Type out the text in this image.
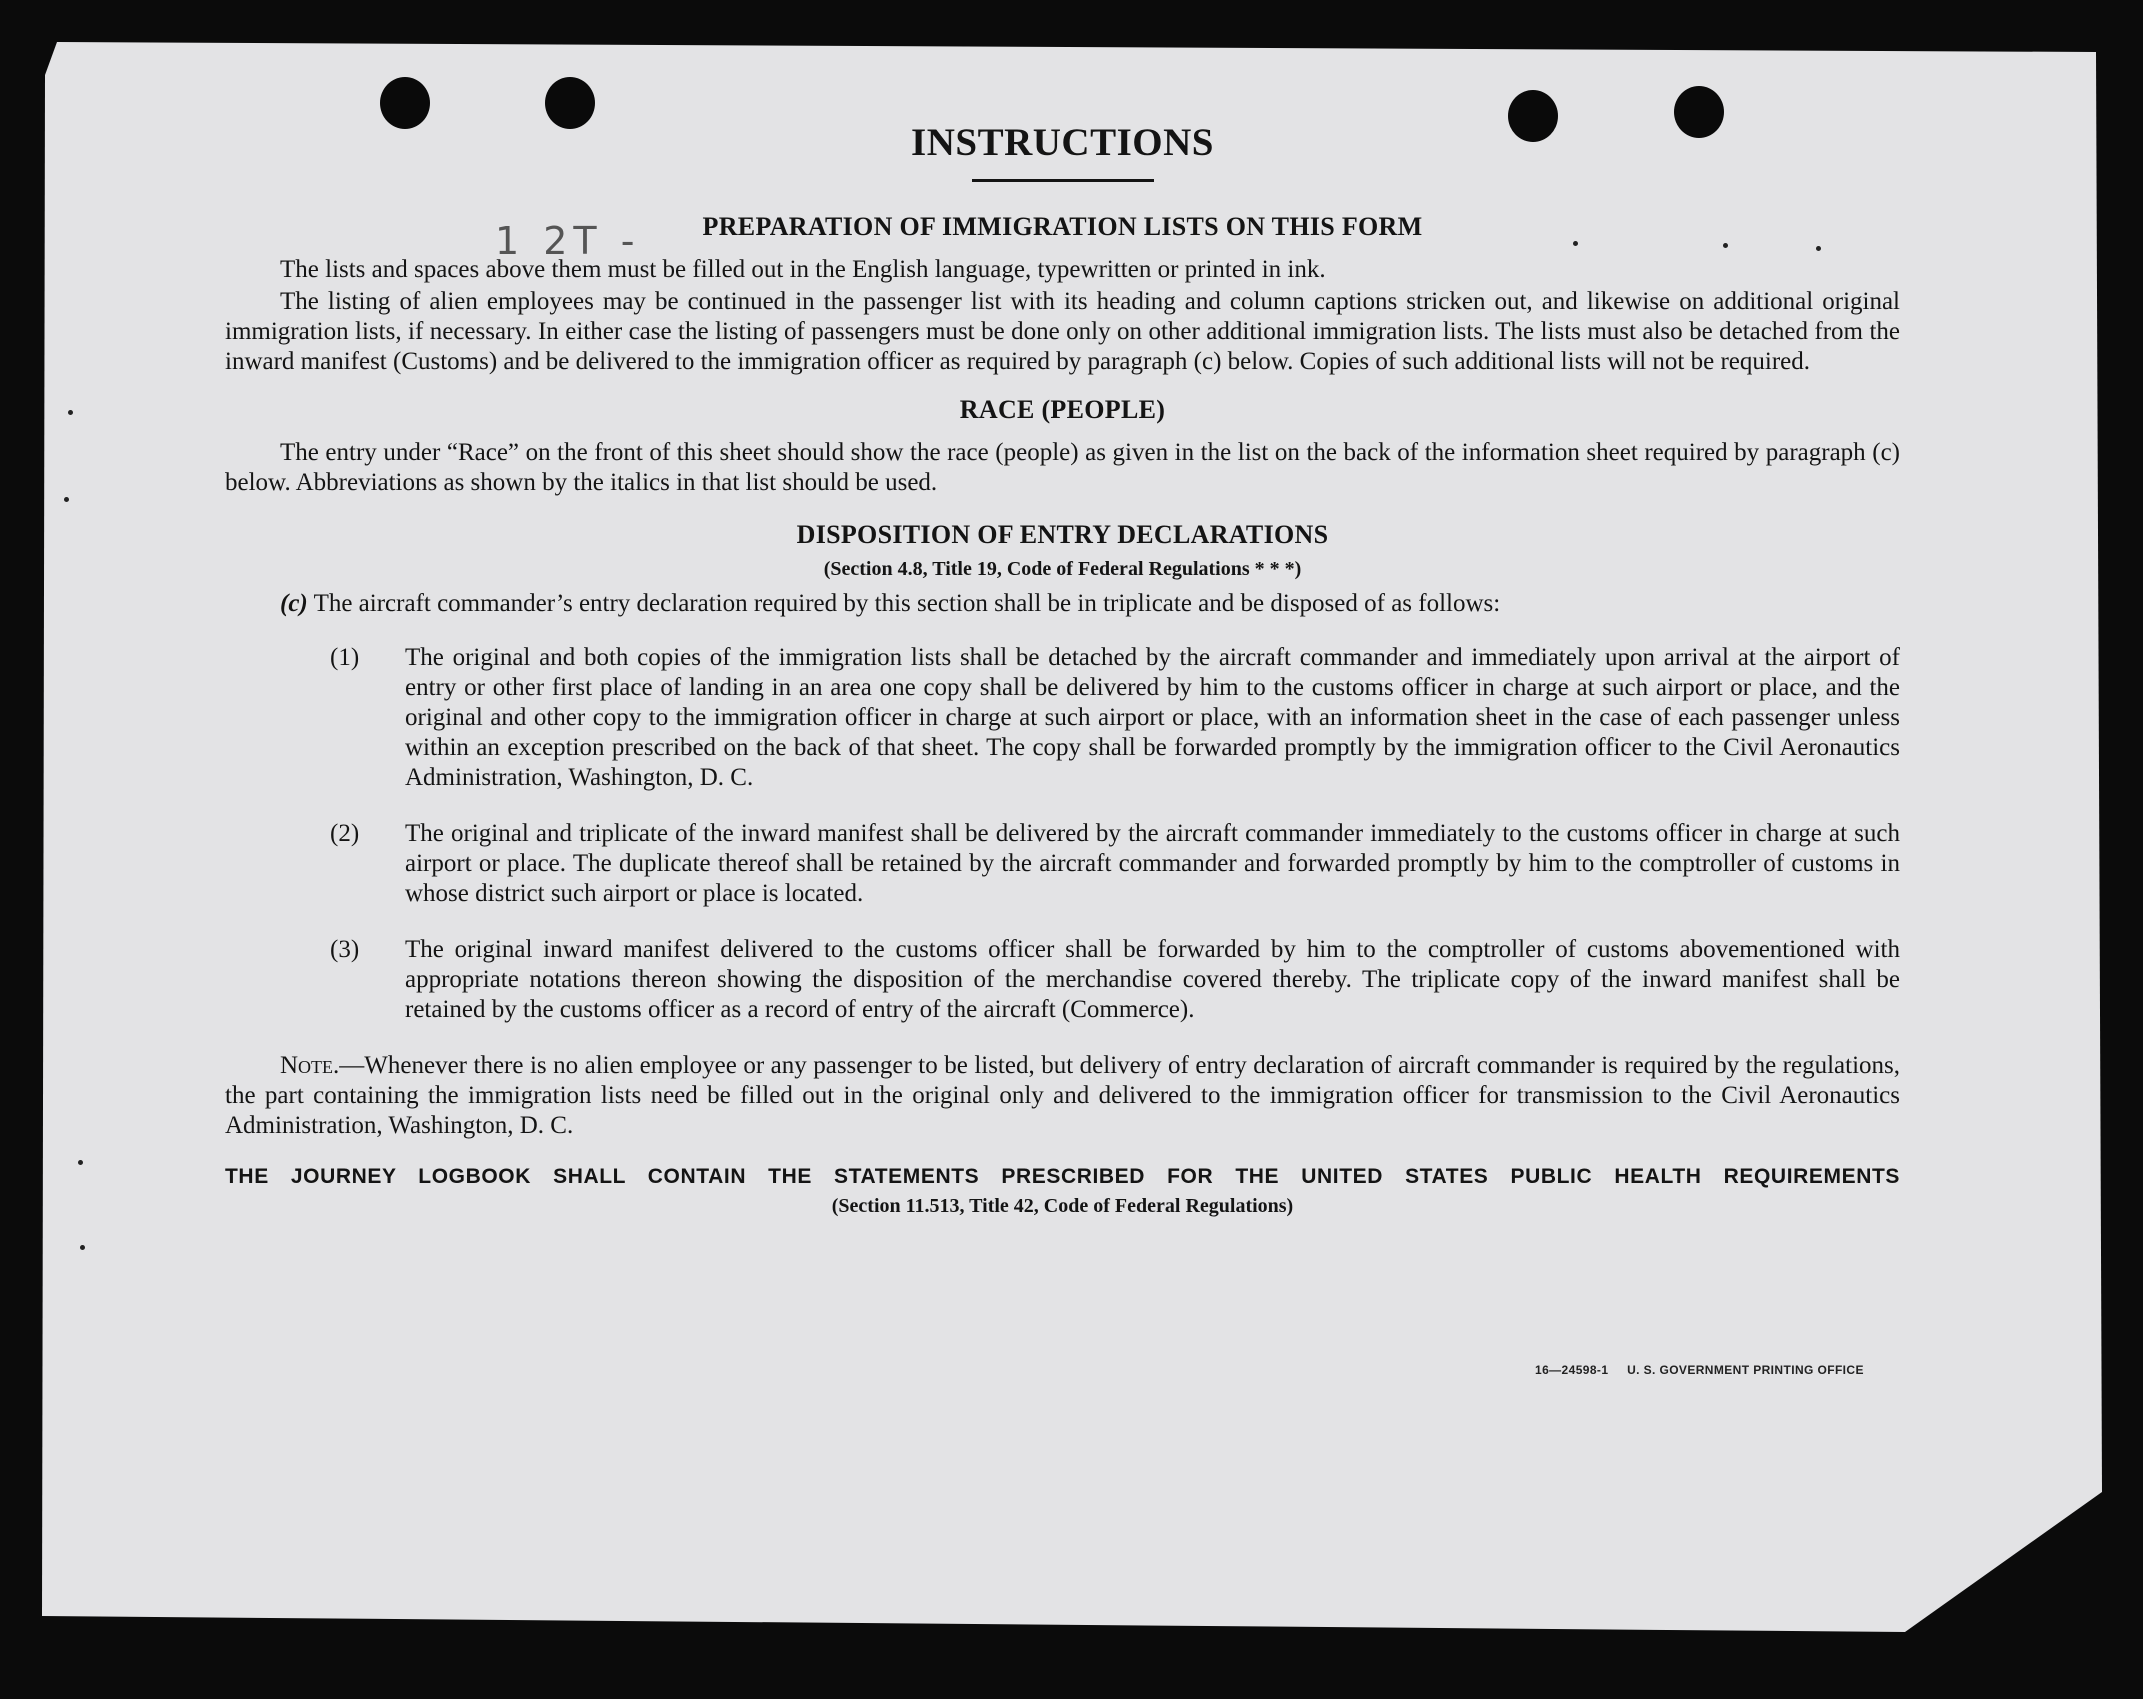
1 2T -
INSTRUCTIONS
PREPARATION OF IMMIGRATION LISTS ON THIS FORM

The lists and spaces above them must be filled out in the English language, typewritten or printed in ink.

The listing of alien employees may be continued in the passenger list with its heading and column captions stricken out, and likewise on additional original immigration lists, if necessary. In either case the listing of passengers must be done only on other additional immigration lists. The lists must also be detached from the inward manifest (Customs) and be delivered to the immigration officer as required by paragraph (c) below. Copies of such additional lists will not be required.

RACE (PEOPLE)

The entry under “Race” on the front of this sheet should show the race (people) as given in the list on the back of the information sheet required by paragraph (c) below. Abbreviations as shown by the italics in that list should be used.

DISPOSITION OF ENTRY DECLARATIONS
(Section 4.8, Title 19, Code of Federal Regulations * * *)

(c) The aircraft commander’s entry declaration required by this section shall be in triplicate and be disposed of as follows:

(1) The original and both copies of the immigration lists shall be detached by the aircraft commander and immediately upon arrival at the airport of entry or other first place of landing in an area one copy shall be delivered by him to the customs officer in charge at such airport or place, and the original and other copy to the immigration officer in charge at such airport or place, with an information sheet in the case of each passenger unless within an exception prescribed on the back of that sheet. The copy shall be forwarded promptly by the immigration officer to the Civil Aeronautics Administration, Washington, D. C.
(2) The original and triplicate of the inward manifest shall be delivered by the aircraft commander immediately to the customs officer in charge at such airport or place. The duplicate thereof shall be retained by the aircraft commander and forwarded promptly by him to the comptroller of customs in whose district such airport or place is located.
(3) The original inward manifest delivered to the customs officer shall be forwarded by him to the comptroller of customs abovementioned with appropriate notations thereon showing the disposition of the merchandise covered thereby. The triplicate copy of the inward manifest shall be retained by the customs officer as a record of entry of the aircraft (Commerce).

Note.—Whenever there is no alien employee or any passenger to be listed, but delivery of entry declaration of aircraft commander is required by the regulations, the part containing the immigration lists need be filled out in the original only and delivered to the immigration officer for transmission to the Civil Aeronautics Administration, Washington, D. C.

THE JOURNEY LOGBOOK SHALL CONTAIN THE STATEMENTS PRESCRIBED FOR THE UNITED STATES PUBLIC HEALTH REQUIREMENTS
(Section 11.513, Title 42, Code of Federal Regulations)
16—24598-1 U. S. GOVERNMENT PRINTING OFFICE
